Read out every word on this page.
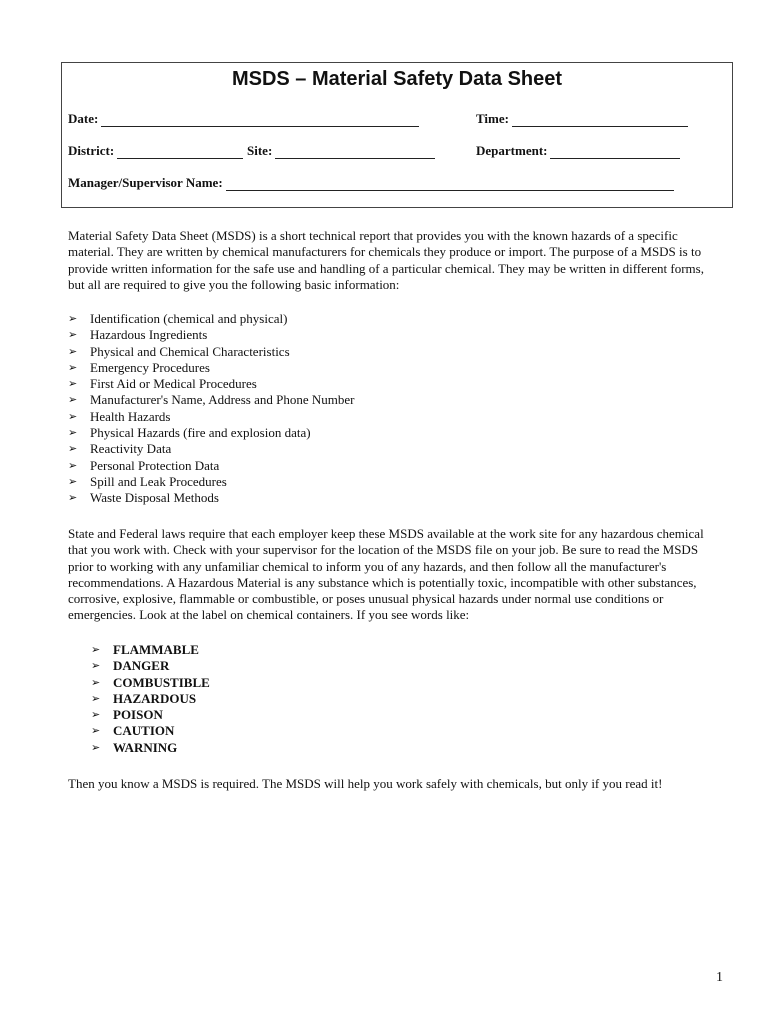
MSDS – Material Safety Data Sheet
Date:	Time:
District:	Site:	Department:
Manager/Supervisor Name:
Material Safety Data Sheet (MSDS) is a short technical report that provides you with the known hazards of a specific material. They are written by chemical manufacturers for chemicals they produce or import. The purpose of a MSDS is to provide written information for the safe use and handling of a particular chemical. They may be written in different forms, but all are required to give you the following basic information:
➢ Identification (chemical and physical)
➢ Hazardous Ingredients
➢ Physical and Chemical Characteristics
➢ Emergency Procedures
➢ First Aid or Medical Procedures
➢ Manufacturer's Name, Address and Phone Number
➢ Health Hazards
➢ Physical Hazards (fire and explosion data)
➢ Reactivity Data
➢ Personal Protection Data
➢ Spill and Leak Procedures
➢ Waste Disposal Methods
State and Federal laws require that each employer keep these MSDS available at the work site for any hazardous chemical that you work with. Check with your supervisor for the location of the MSDS file on your job. Be sure to read the MSDS prior to working with any unfamiliar chemical to inform you of any hazards, and then follow all the manufacturer's recommendations. A Hazardous Material is any substance which is potentially toxic, incompatible with other substances, corrosive, explosive, flammable or combustible, or poses unusual physical hazards under normal use conditions or emergencies. Look at the label on chemical containers. If you see words like:
➢ FLAMMABLE
➢ DANGER
➢ COMBUSTIBLE
➢ HAZARDOUS
➢ POISON
➢ CAUTION
➢ WARNING
Then you know a MSDS is required. The MSDS will help you work safely with chemicals, but only if you read it!
1
